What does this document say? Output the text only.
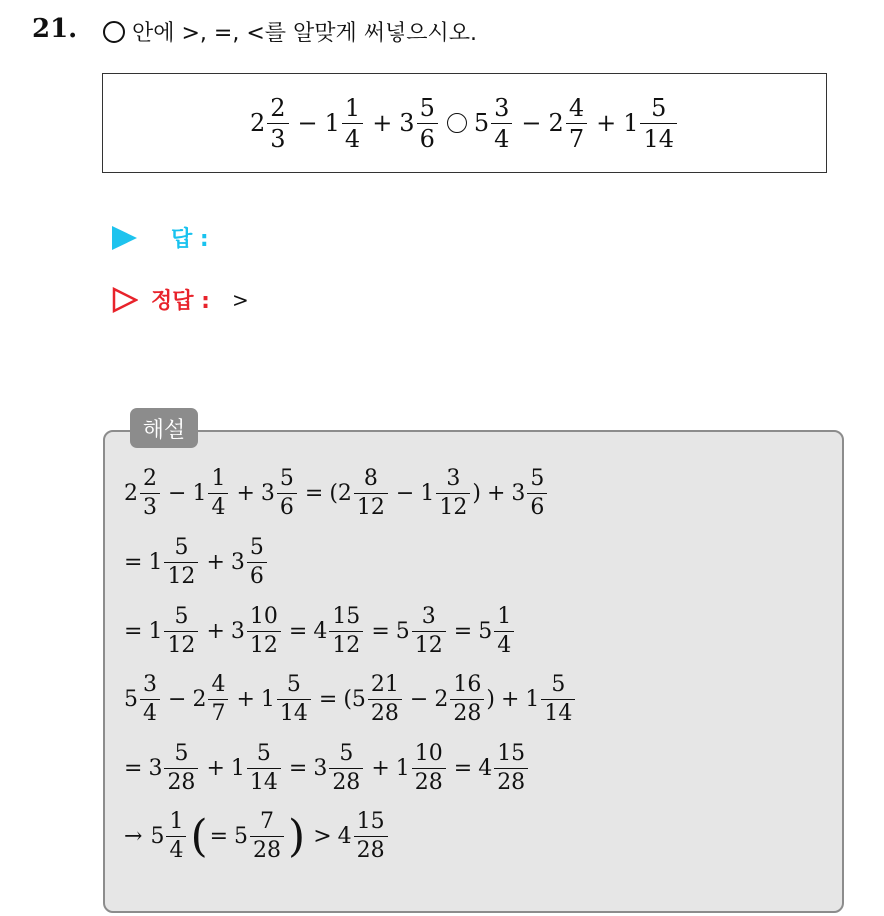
21. 안에 >, =, <를 알맞게 써넣으시오.
$2 \frac{2}{3} - 1 \frac{1}{4} + 3 \frac{5}{6} 5 \frac{3}{4} - 2 \frac{4}{7} + 1 \frac{5}{14}$
답 :
정답 : >
해설
$2 \frac{2}{3} - 1 \frac{1}{4} + 3 \frac{5}{6} = (2 \frac{8}{12} - 1 \frac{3}{12}$ ) + $3 \frac{5}{6}$
= $1 \frac{5}{12} + 3 \frac{5}{6}$
= $1 \frac{5}{12} + 3 \frac{10}{12} = 4 \frac{15}{12} = 5 \frac{3}{12} = 5 \frac{1}{4}$
$5 \frac{3}{4} - 2 \frac{4}{7} + 1 \frac{5}{14} = (5 \frac{21}{28} - 2 \frac{16}{28}$ ) + $1 \frac{5}{14}$
= $3 \frac{5}{28} + 1 \frac{5}{14} = 3 \frac{5}{28} + 1 \frac{10}{28} = 4 \frac{15}{28}$
→ $5 \frac{1}{4}$ ( = $5 \frac{7}{28}$ ) > $4 \frac{15}{28}$
